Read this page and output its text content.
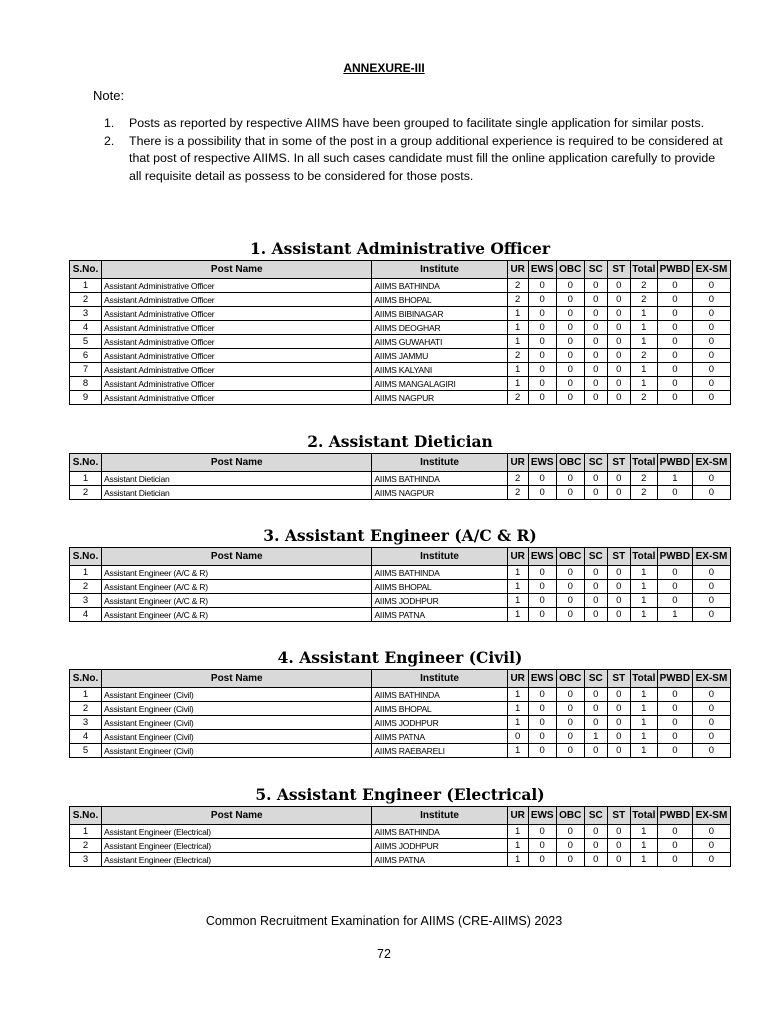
ANNEXURE-III
Note:
1. Posts as reported by respective AIIMS have been grouped to facilitate single application for similar posts.
2. There is a possibility that in some of the post in a group additional experience is required to be considered at that post of respective AIIMS. In all such cases candidate must fill the online application carefully to provide all requisite detail as possess to be considered for those posts.
1. Assistant Administrative Officer
S.No.	Post Name	Institute	UR	EWS	OBC	SC	ST	Total	PWBD	EX-SM
1	Assistant Administrative Officer	AIIMS BATHINDA	2	0	0	0	0	2	0	0
2	Assistant Administrative Officer	AIIMS BHOPAL	2	0	0	0	0	2	0	0
3	Assistant Administrative Officer	AIIMS BIBINAGAR	1	0	0	0	0	1	0	0
4	Assistant Administrative Officer	AIIMS DEOGHAR	1	0	0	0	0	1	0	0
5	Assistant Administrative Officer	AIIMS GUWAHATI	1	0	0	0	0	1	0	0
6	Assistant Administrative Officer	AIIMS JAMMU	2	0	0	0	0	2	0	0
7	Assistant Administrative Officer	AIIMS KALYANI	1	0	0	0	0	1	0	0
8	Assistant Administrative Officer	AIIMS MANGALAGIRI	1	0	0	0	0	1	0	0
9	Assistant Administrative Officer	AIIMS NAGPUR	2	0	0	0	0	2	0	0
2. Assistant Dietician
S.No.	Post Name	Institute	UR	EWS	OBC	SC	ST	Total	PWBD	EX-SM
1	Assistant Dietician	AIIMS BATHINDA	2	0	0	0	0	2	1	0
2	Assistant Dietician	AIIMS NAGPUR	2	0	0	0	0	2	0	0
3. Assistant Engineer (A/C & R)
S.No.	Post Name	Institute	UR	EWS	OBC	SC	ST	Total	PWBD	EX-SM
1	Assistant Engineer (A/C & R)	AIIMS BATHINDA	1	0	0	0	0	1	0	0
2	Assistant Engineer (A/C & R)	AIIMS BHOPAL	1	0	0	0	0	1	0	0
3	Assistant Engineer (A/C & R)	AIIMS JODHPUR	1	0	0	0	0	1	0	0
4	Assistant Engineer (A/C & R)	AIIMS PATNA	1	0	0	0	0	1	1	0
4. Assistant Engineer (Civil)
S.No.	Post Name	Institute	UR	EWS	OBC	SC	ST	Total	PWBD	EX-SM
1	Assistant Engineer (Civil)	AIIMS BATHINDA	1	0	0	0	0	1	0	0
2	Assistant Engineer (Civil)	AIIMS BHOPAL	1	0	0	0	0	1	0	0
3	Assistant Engineer (Civil)	AIIMS JODHPUR	1	0	0	0	0	1	0	0
4	Assistant Engineer (Civil)	AIIMS PATNA	0	0	0	1	0	1	0	0
5	Assistant Engineer (Civil)	AIIMS RAEBARELI	1	0	0	0	0	1	0	0
5. Assistant Engineer (Electrical)
S.No.	Post Name	Institute	UR	EWS	OBC	SC	ST	Total	PWBD	EX-SM
1	Assistant Engineer (Electrical)	AIIMS BATHINDA	1	0	0	0	0	1	0	0
2	Assistant Engineer (Electrical)	AIIMS JODHPUR	1	0	0	0	0	1	0	0
3	Assistant Engineer (Electrical)	AIIMS PATNA	1	0	0	0	0	1	0	0
Common Recruitment Examination for AIIMS (CRE-AIIMS) 2023
72
